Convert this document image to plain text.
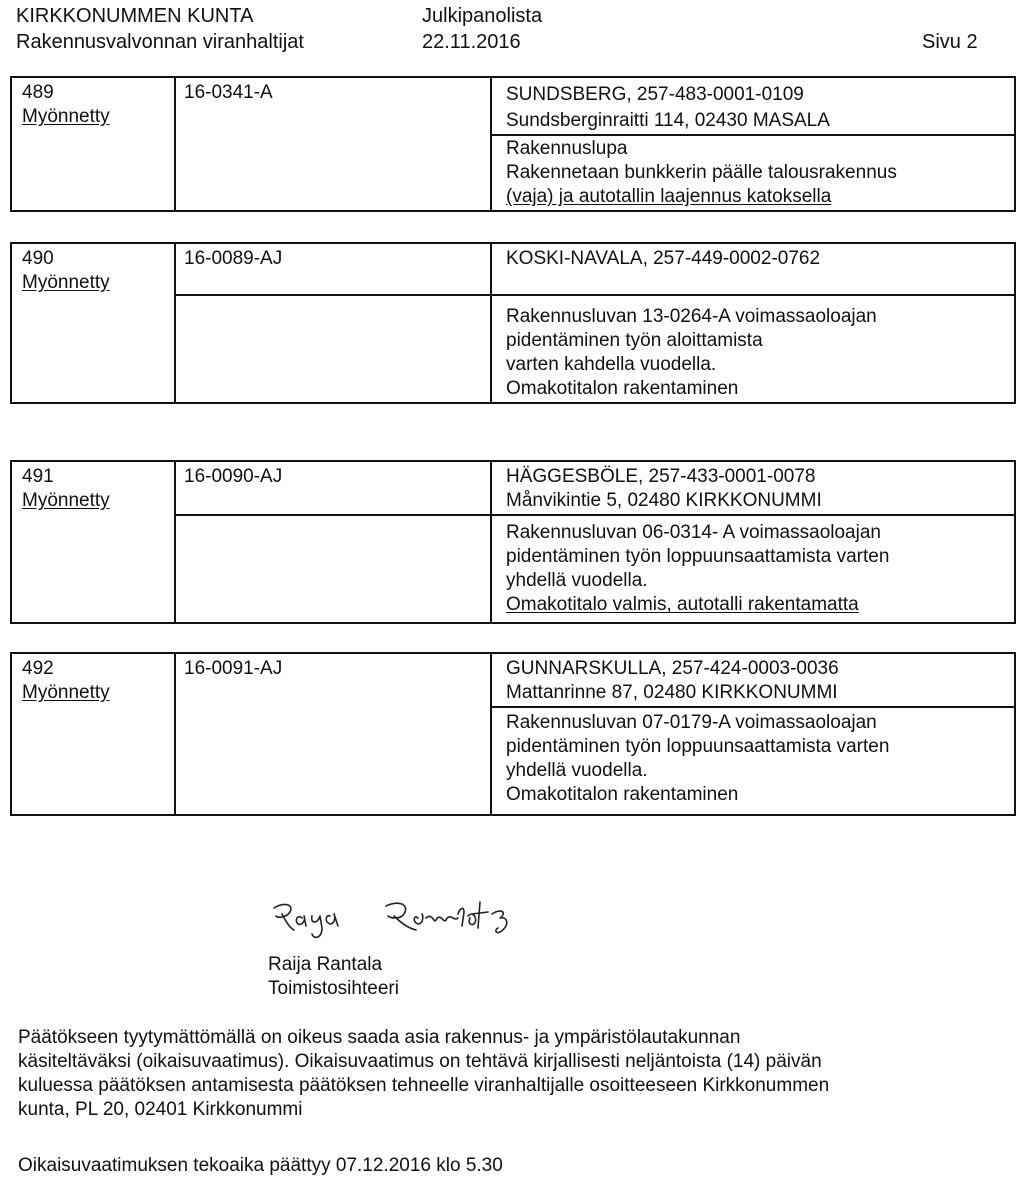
KIRKKONUMMEN KUNTA
Rakennusvalvonnan viranhaltijat
Julkipanolista
22.11.2016	Sivu 2
489
Myönnetty
16-0341-A	SUNDSBERG, 257-483-0001-0109
Sundsberginraitti 114, 02430 MASALA
Rakennuslupa
Rakennetaan bunkkerin päälle talousrakennus
(vaja) ja autotallin laajennus katoksella
490
Myönnetty
16-0089-AJ	KOSKI-NAVALA, 257-449-0002-0762
Rakennusluvan 13-0264-A voimassaoloajan
pidentäminen työn aloittamista
varten kahdella vuodella.
Omakotitalon rakentaminen
491
Myönnetty
16-0090-AJ	HÄGGESBÖLE, 257-433-0001-0078
Månvikintie 5, 02480 KIRKKONUMMI
Rakennusluvan 06-0314- A voimassaoloajan
pidentäminen työn loppuunsaattamista varten
yhdellä vuodella.
Omakotitalo valmis, autotalli rakentamatta
492
Myönnetty
16-0091-AJ	GUNNARSKULLA, 257-424-0003-0036
Mattanrinne 87, 02480 KIRKKONUMMI
Rakennusluvan 07-0179-A voimassaoloajan
pidentäminen työn loppuunsaattamista varten
yhdellä vuodella.
Omakotitalon rakentaminen
Raija Rantala
Toimistosihteeri
Päätökseen tyytymättömällä on oikeus saada asia rakennus- ja ympäristölautakunnan
käsiteltäväksi (oikaisuvaatimus). Oikaisuvaatimus on tehtävä kirjallisesti neljäntoista (14) päivän
kuluessa päätöksen antamisesta päätöksen tehneelle viranhaltijalle osoitteeseen Kirkkonummen
kunta, PL 20, 02401 Kirkkonummi
Oikaisuvaatimuksen tekoaika päättyy 07.12.2016 klo 5.30
